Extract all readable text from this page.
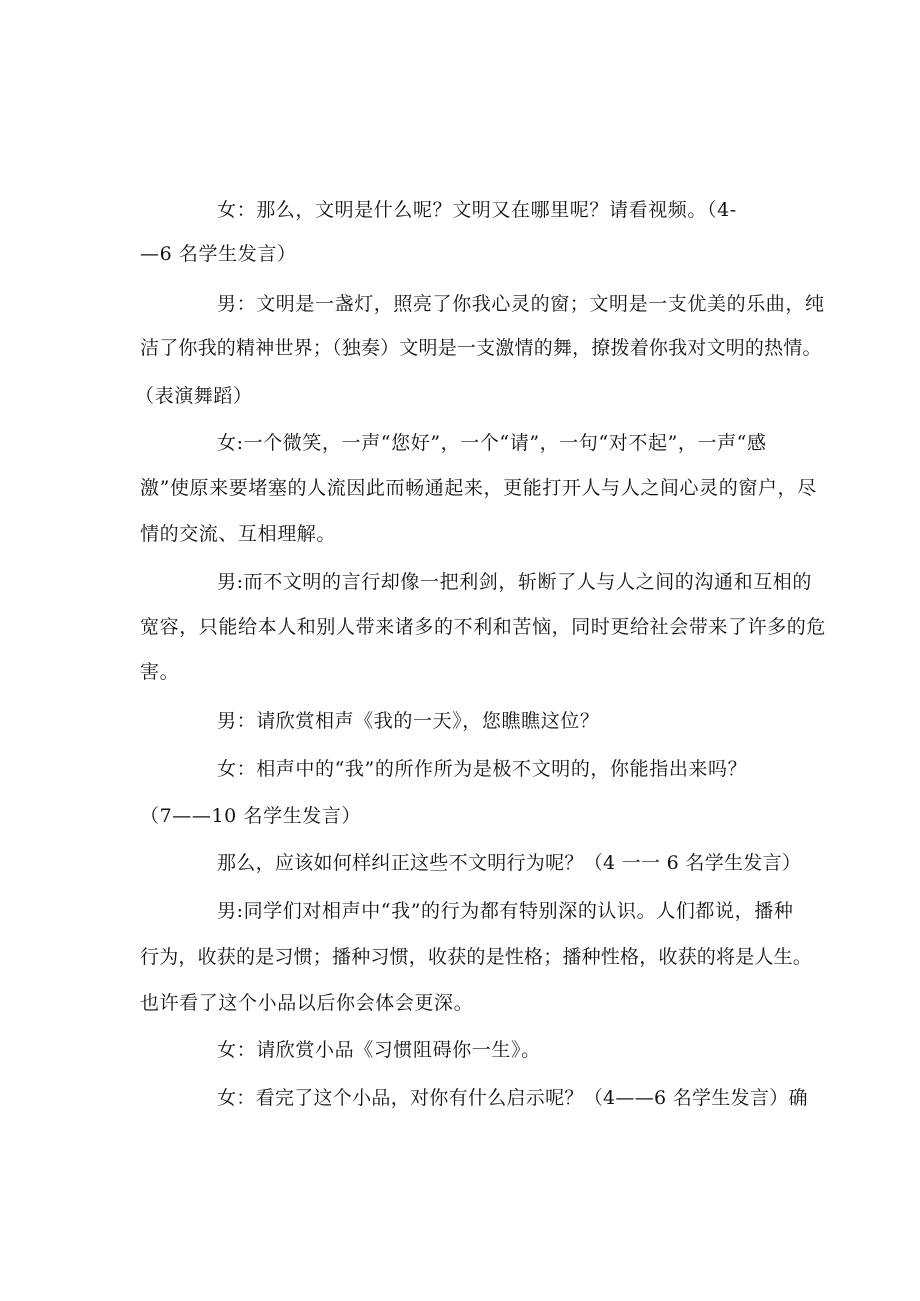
女：那么，文明是什么呢？文明又在哪里呢？请看视频。（4-
—6 名学生发言）
男：文明是一盏灯，照亮了你我心灵的窗；文明是一支优美的乐曲，纯
洁了你我的精神世界；（独奏）文明是一支激情的舞，撩拨着你我对文明的热情。
（表演舞蹈）
女:一个微笑，一声“您好”，一个“请”，一句“对不起”，一声“感
激”使原来要堵塞的人流因此而畅通起来，更能打开人与人之间心灵的窗户，尽
情的交流、互相理解。
男:而不文明的言行却像一把利剑，斩断了人与人之间的沟通和互相的
宽容，只能给本人和别人带来诸多的不利和苦恼，同时更给社会带来了许多的危
害。
男：请欣赏相声《我的一天》，您瞧瞧这位？
女：相声中的“我”的所作所为是极不文明的，你能指出来吗？
（7——10 名学生发言）
那么，应该如何样纠正这些不文明行为呢？（4 一一 6 名学生发言）
男:同学们对相声中“我”的行为都有特别深的认识。人们都说，播种
行为，收获的是习惯；播种习惯，收获的是性格；播种性格，收获的将是人生。
也许看了这个小品以后你会体会更深。
女：请欣赏小品《习惯阻碍你一生》。
女：看完了这个小品，对你有什么启示呢？（4——6 名学生发言）确
